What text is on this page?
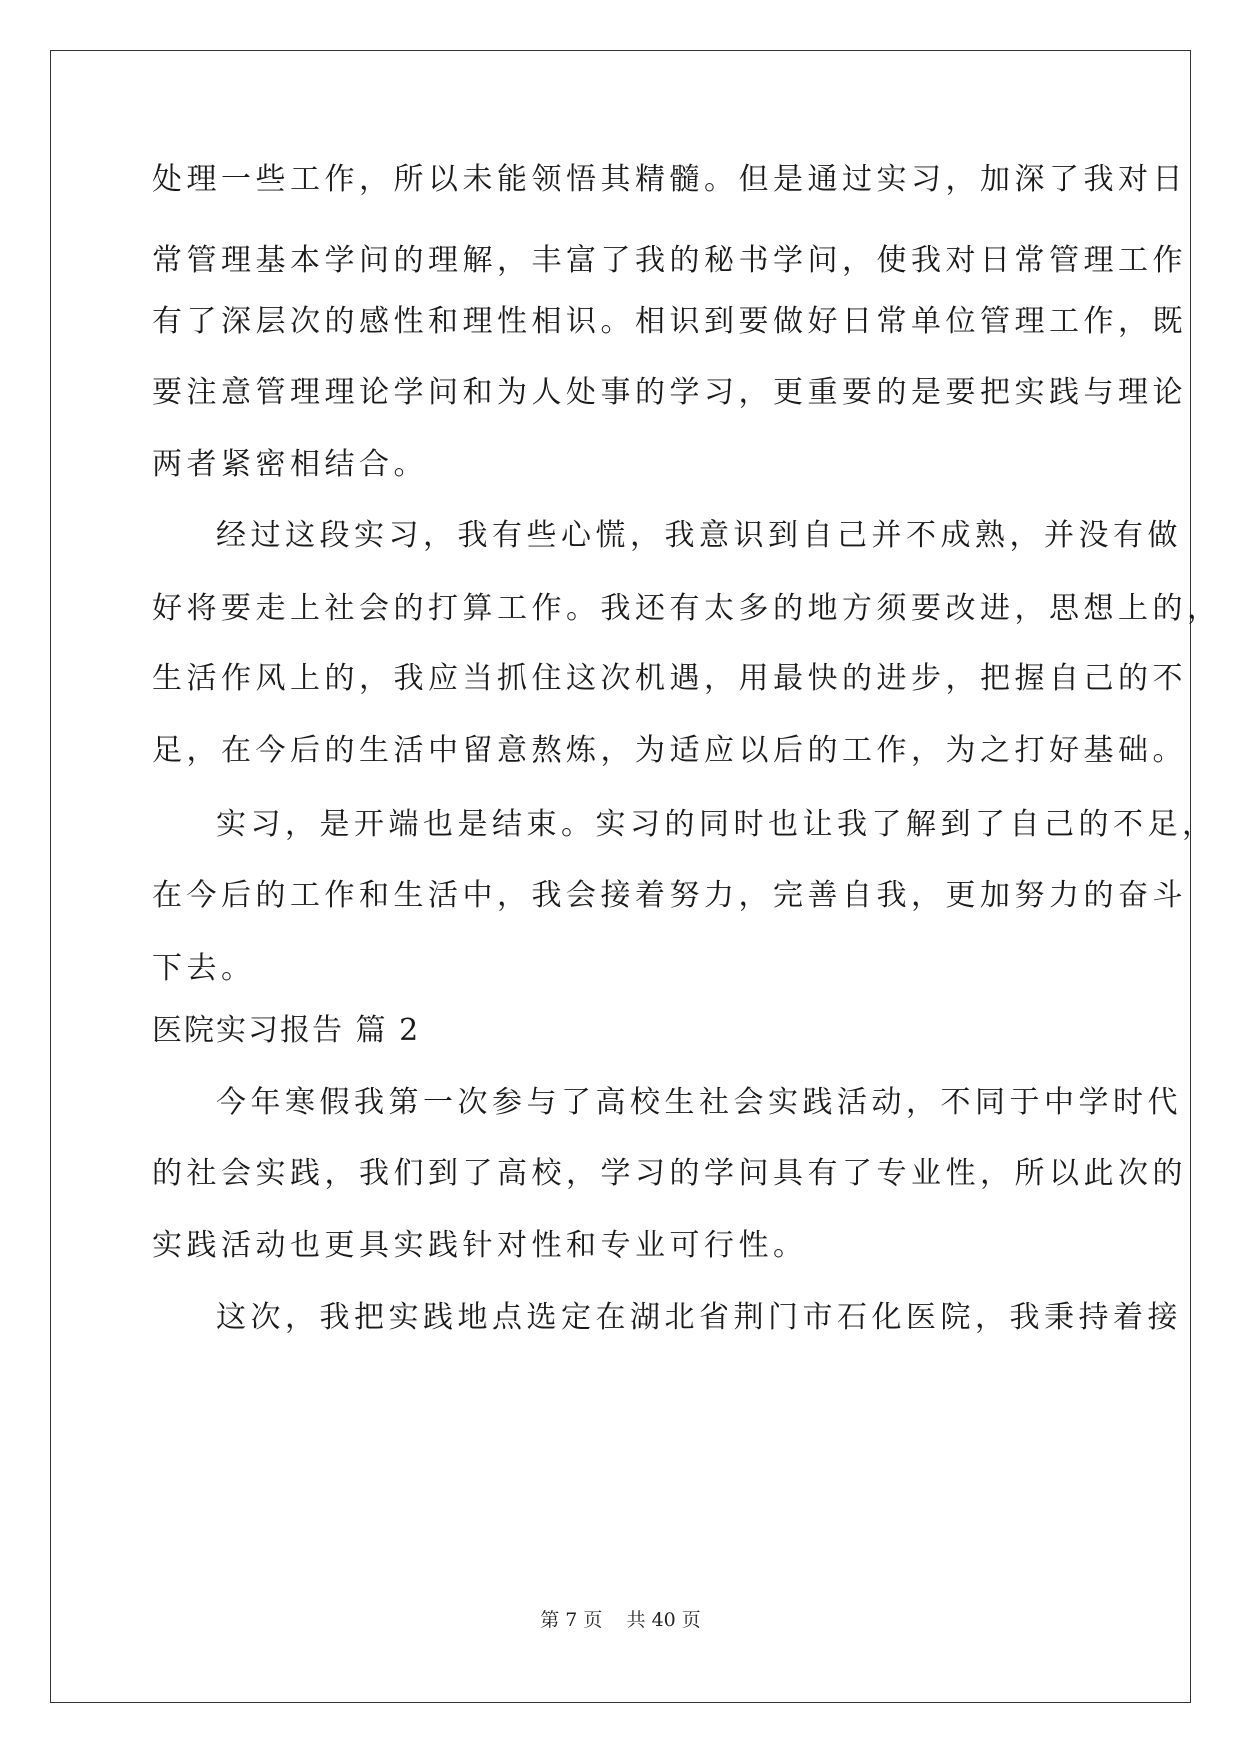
处理一些工作，所以未能领悟其精髓。但是通过实习，加深了我对日
常管理基本学问的理解，丰富了我的秘书学问，使我对日常管理工作
有了深层次的感性和理性相识。相识到要做好日常单位管理工作，既
要注意管理理论学问和为人处事的学习，更重要的是要把实践与理论
两者紧密相结合。
经过这段实习，我有些心慌，我意识到自己并不成熟，并没有做
好将要走上社会的打算工作。我还有太多的地方须要改进，思想上的，
生活作风上的，我应当抓住这次机遇，用最快的进步，把握自己的不
足，在今后的生活中留意熬炼，为适应以后的工作，为之打好基础。
实习，是开端也是结束。实习的同时也让我了解到了自己的不足，
在今后的工作和生活中，我会接着努力，完善自我，更加努力的奋斗
下去。
医院实习报告 篇 2
今年寒假我第一次参与了高校生社会实践活动，不同于中学时代
的社会实践，我们到了高校，学习的学问具有了专业性，所以此次的
实践活动也更具实践针对性和专业可行性。
这次，我把实践地点选定在湖北省荆门市石化医院，我秉持着接
第 7 页 共 40 页
